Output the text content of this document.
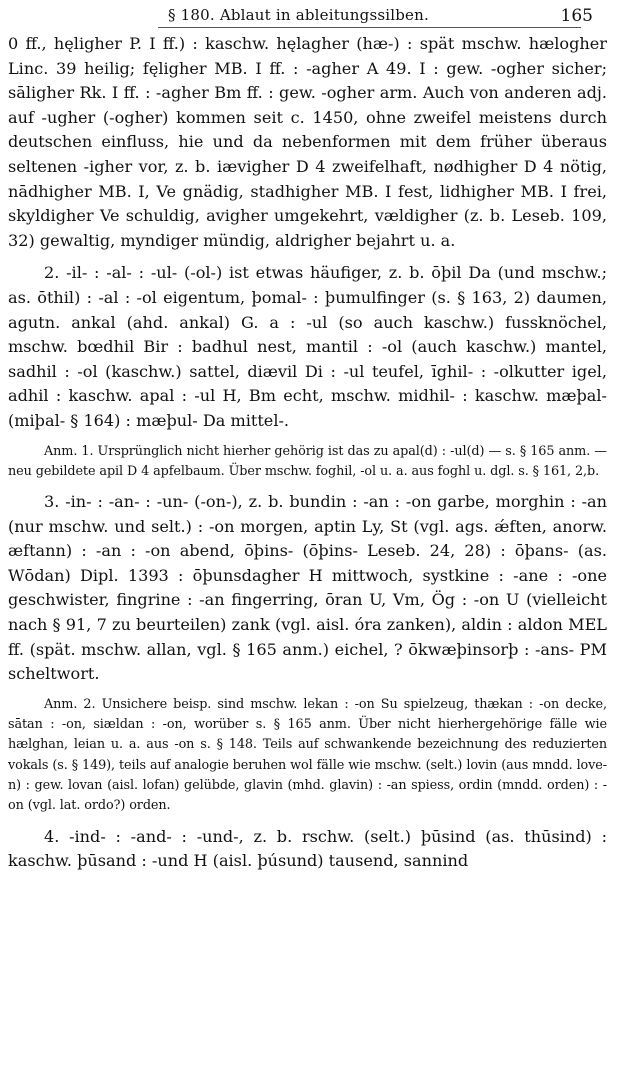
§ 180. Ablaut in ableitungssilben.	165

0 ff., hęligher P. I ff.) : kaschw. hęlagher (hæ-) : spät mschw. hælogher Linc. 39 heilig; fęligher MB. I ff. : -agher A 49. I : gew. -ogher sicher; sāligher Rk. I ff. : -agher Bm ff. : gew. -ogher arm. Auch von anderen adj. auf -ugher (-ogher) kommen seit c. 1450, ohne zweifel meistens durch deutschen einfluss, hie und da nebenformen mit dem früher überaus seltenen -igher vor, z. b. iævigher D 4 zweifelhaft, nødhigher D 4 nötig, nādhigher MB. I, Ve gnädig, stadhigher MB. I fest, lidhigher MB. I frei, skyldigher Ve schuldig, avigher umgekehrt, vældigher (z. b. Leseb. 109, 32) gewaltig, myndiger mündig, aldrigher bejahrt u. a.

2. -il- : -al- : -ul- (-ol-) ist etwas häufiger, z. b. ōþil Da (und mschw.; as. ōthil) : -al : -ol eigentum, þomal- : þumulfinger (s. § 163, 2) daumen, agutn. ankal (ahd. ankal) G. a : -ul (so auch kaschw.) fussknöchel, mschw. bœdhil Bir : badhul nest, mantil : -ol (auch kaschw.) mantel, sadhil : -ol (kaschw.) sattel, diævil Di : -ul teufel, īghil- : -olkutter igel, adhil : kaschw. apal : -ul H, Bm echt, mschw. midhil- : kaschw. mæþal- (miþal- § 164) : mæþul- Da mittel-.

Anm. 1. Ursprünglich nicht hierher gehörig ist das zu apal(d) : -ul(d) — s. § 165 anm. — neu gebildete apil D 4 apfelbaum. Über mschw. foghil, -ol u. a. aus foghl u. dgl. s. § 161, 2,b.

3. -in- : -an- : -un- (-on-), z. b. bundin : -an : -on garbe, morghin : -an (nur mschw. und selt.) : -on morgen, aptin Ly, St (vgl. ags. ǽften, anorw. æftann) : -an : -on abend, ōþins- (ōþins- Leseb. 24, 28) : ōþans- (as. Wōdan) Dipl. 1393 : ōþunsdagher H mittwoch, systkine : -ane : -one geschwister, fingrine : -an fingerring, ōran U, Vm, Ög : -on U (vielleicht nach § 91, 7 zu beurteilen) zank (vgl. aisl. óra zanken), aldin : aldon MEL ff. (spät. mschw. allan, vgl. § 165 anm.) eichel, ? ōkwæþinsorþ : -ans- PM scheltwort.

Anm. 2. Unsichere beisp. sind mschw. lekan : -on Su spielzeug, thækan : -on decke, sātan : -on, siældan : -on, worüber s. § 165 anm. Über nicht hierhergehörige fälle wie hælghan, leian u. a. aus -on s. § 148. Teils auf schwankende bezeichnung des reduzierten vokals (s. § 149), teils auf analogie beruhen wol fälle wie mschw. (selt.) lovin (aus mndd. love-n) : gew. lovan (aisl. lofan) gelübde, glavin (mhd. glavin) : -an spiess, ordin (mndd. orden) : -on (vgl. lat. ordo?) orden.

4. -ind- : -and- : -und-, z. b. rschw. (selt.) þūsind (as. thūsind) : kaschw. þūsand : -und H (aisl. þúsund) tausend, sannind
